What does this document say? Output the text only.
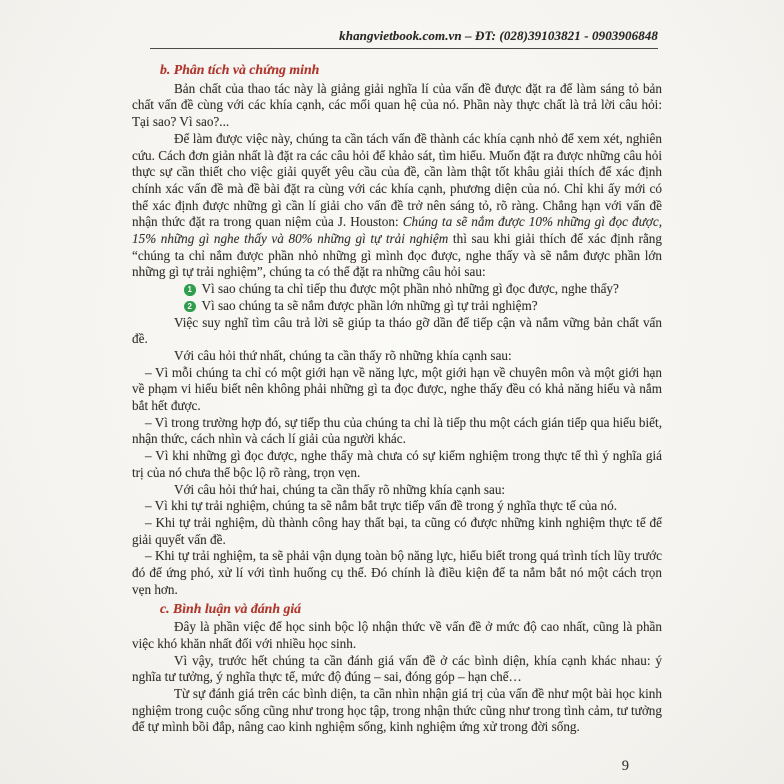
khangvietbook.com.vn – ĐT: (028)39103821 - 0903906848
b. Phân tích và chứng minh
Bản chất của thao tác này là giảng giải nghĩa lí của vấn đề được đặt ra để làm sáng tỏ bản chất vấn đề cùng với các khía cạnh, các mối quan hệ của nó. Phần này thực chất là trả lời câu hỏi: Tại sao? Vì sao?...
Để làm được việc này, chúng ta cần tách vấn đề thành các khía cạnh nhỏ để xem xét, nghiên cứu. Cách đơn giản nhất là đặt ra các câu hỏi để khảo sát, tìm hiểu. Muốn đặt ra được những câu hỏi thực sự cần thiết cho việc giải quyết yêu cầu của đề, cần làm thật tốt khâu giải thích để xác định chính xác vấn đề mà đề bài đặt ra cùng với các khía cạnh, phương diện của nó. Chỉ khi ấy mới có thể xác định được những gì cần lí giải cho vấn đề trở nên sáng tỏ, rõ ràng. Chẳng hạn với vấn đề nhận thức đặt ra trong quan niệm của J. Houston: Chúng ta sẽ nắm được 10% những gì đọc được, 15% những gì nghe thấy và 80% những gì tự trải nghiệm thì sau khi giải thích để xác định rằng “chúng ta chỉ nắm được phần nhỏ những gì mình đọc được, nghe thấy và sẽ nắm được phần lớn những gì tự trải nghiệm”, chúng ta có thể đặt ra những câu hỏi sau:
1 Vì sao chúng ta chỉ tiếp thu được một phần nhỏ những gì đọc được, nghe thấy?
2 Vì sao chúng ta sẽ nắm được phần lớn những gì tự trải nghiệm?
Việc suy nghĩ tìm câu trả lời sẽ giúp ta tháo gỡ dần để tiếp cận và nắm vững bản chất vấn đề.
Với câu hỏi thứ nhất, chúng ta cần thấy rõ những khía cạnh sau:
– Vì mỗi chúng ta chỉ có một giới hạn về năng lực, một giới hạn về chuyên môn và một giới hạn về phạm vi hiểu biết nên không phải những gì ta đọc được, nghe thấy đều có khả năng hiểu và nắm bắt hết được.
– Vì trong trường hợp đó, sự tiếp thu của chúng ta chỉ là tiếp thu một cách gián tiếp qua hiểu biết, nhận thức, cách nhìn và cách lí giải của người khác.
– Vì khi những gì đọc được, nghe thấy mà chưa có sự kiểm nghiệm trong thực tế thì ý nghĩa giá trị của nó chưa thể bộc lộ rõ ràng, trọn vẹn.
Với câu hỏi thứ hai, chúng ta cần thấy rõ những khía cạnh sau:
– Vì khi tự trải nghiệm, chúng ta sẽ nắm bắt trực tiếp vấn đề trong ý nghĩa thực tế của nó.
– Khi tự trải nghiệm, dù thành công hay thất bại, ta cũng có được những kinh nghiệm thực tế để giải quyết vấn đề.
– Khi tự trải nghiệm, ta sẽ phải vận dụng toàn bộ năng lực, hiểu biết trong quá trình tích lũy trước đó để ứng phó, xử lí với tình huống cụ thể. Đó chính là điều kiện để ta nắm bắt nó một cách trọn vẹn hơn.
c. Bình luận và đánh giá
Đây là phần việc để học sinh bộc lộ nhận thức về vấn đề ở mức độ cao nhất, cũng là phần việc khó khăn nhất đối với nhiều học sinh.
Vì vậy, trước hết chúng ta cần đánh giá vấn đề ở các bình diện, khía cạnh khác nhau: ý nghĩa tư tưởng, ý nghĩa thực tế, mức độ đúng – sai, đóng góp – hạn chế…
Từ sự đánh giá trên các bình diện, ta cần nhìn nhận giá trị của vấn đề như một bài học kinh nghiệm trong cuộc sống cũng như trong học tập, trong nhận thức cũng như trong tình cảm, tư tưởng để tự mình bồi đắp, nâng cao kinh nghiệm sống, kinh nghiệm ứng xử trong đời sống.
9
